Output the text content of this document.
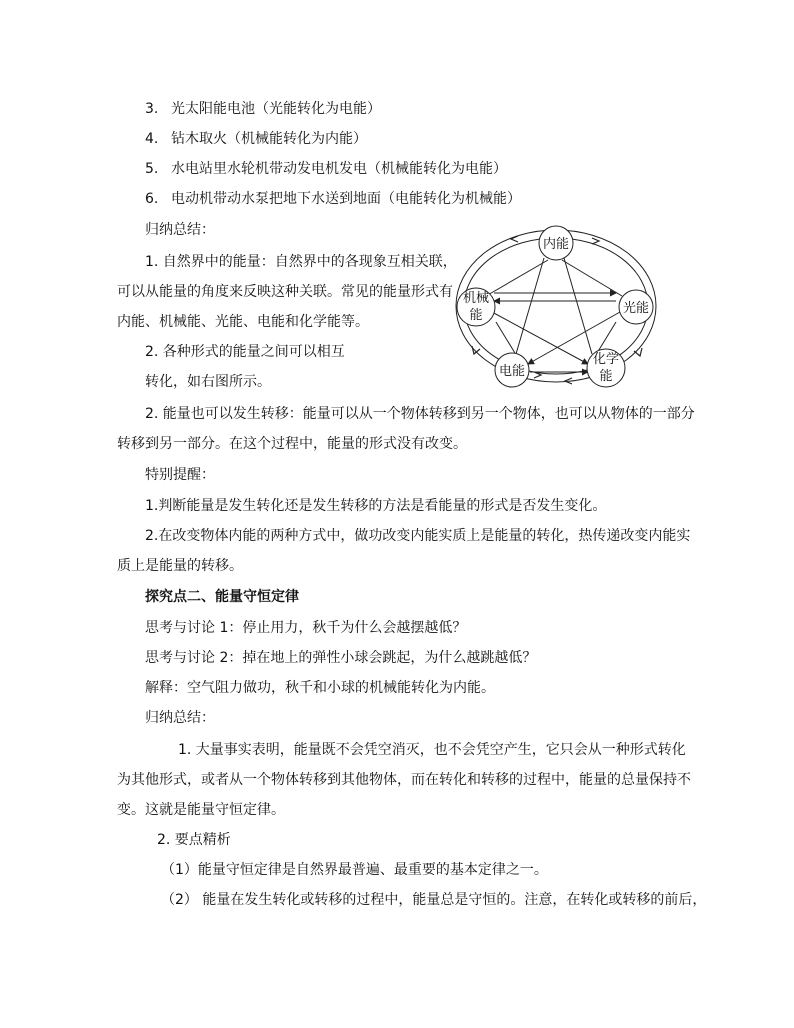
3. 光太阳能电池（光能转化为电能）
4. 钻木取火（机械能转化为内能）
5. 水电站里水轮机带动发电机发电（机械能转化为电能）
6. 电动机带动水泵把地下水送到地面（电能转化为机械能）
归纳总结：
1. 自然界中的能量：自然界中的各现象互相关联，
可以从能量的角度来反映这种关联。常见的能量形式有
内能、机械能、光能、电能和化学能等。
2. 各种形式的能量之间可以相互
转化，如右图所示。
2. 能量也可以发生转移：能量可以从一个物体转移到另一个物体，也可以从物体的一部分
转移到另一部分。在这个过程中，能量的形式没有改变。
内能
机械
能	光能
电能
化学
能
特别提醒：
1.判断能量是发生转化还是发生转移的方法是看能量的形式是否发生变化。
2.在改变物体内能的两种方式中，做功改变内能实质上是能量的转化，热传递改变内能实
质上是能量的转移。
探究点二、能量守恒定律
思考与讨论 1：停止用力，秋千为什么会越摆越低？
思考与讨论 2：掉在地上的弹性小球会跳起，为什么越跳越低？
解释：空气阻力做功，秋千和小球的机械能转化为内能。
归纳总结：
1. 大量事实表明，能量既不会凭空消灭，也不会凭空产生，它只会从一种形式转化
为其他形式，或者从一个物体转移到其他物体，而在转化和转移的过程中，能量的总量保持不
变。这就是能量守恒定律。
2. 要点精析
（1）能量守恒定律是自然界最普遍、最重要的基本定律之一。
（2） 能量在发生转化或转移的过程中，能量总是守恒的。注意，在转化或转移的前后，
